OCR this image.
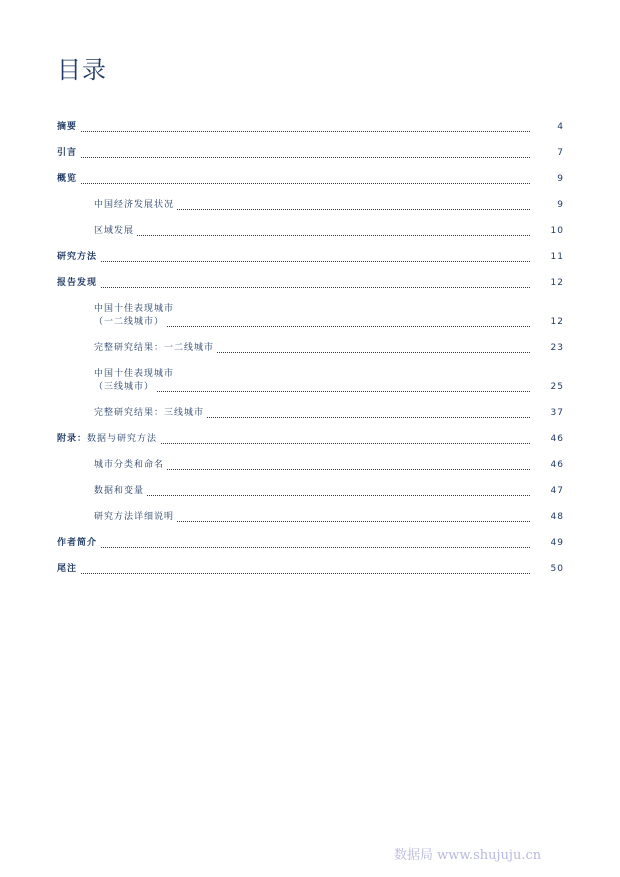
目录
摘要	4
引言	7
概览	9
中国经济发展状况	9
区域发展	10
研究方法	11
报告发现	12
中国十佳表现城市
（一二线城市）	12
完整研究结果：一二线城市	23
中国十佳表现城市
（三线城市）	25
完整研究结果：三线城市	37
附录：数据与研究方法	46
城市分类和命名	46
数据和变量	47
研究方法详细说明	48
作者简介	49
尾注	50
数据局 www.shujuju.cn
